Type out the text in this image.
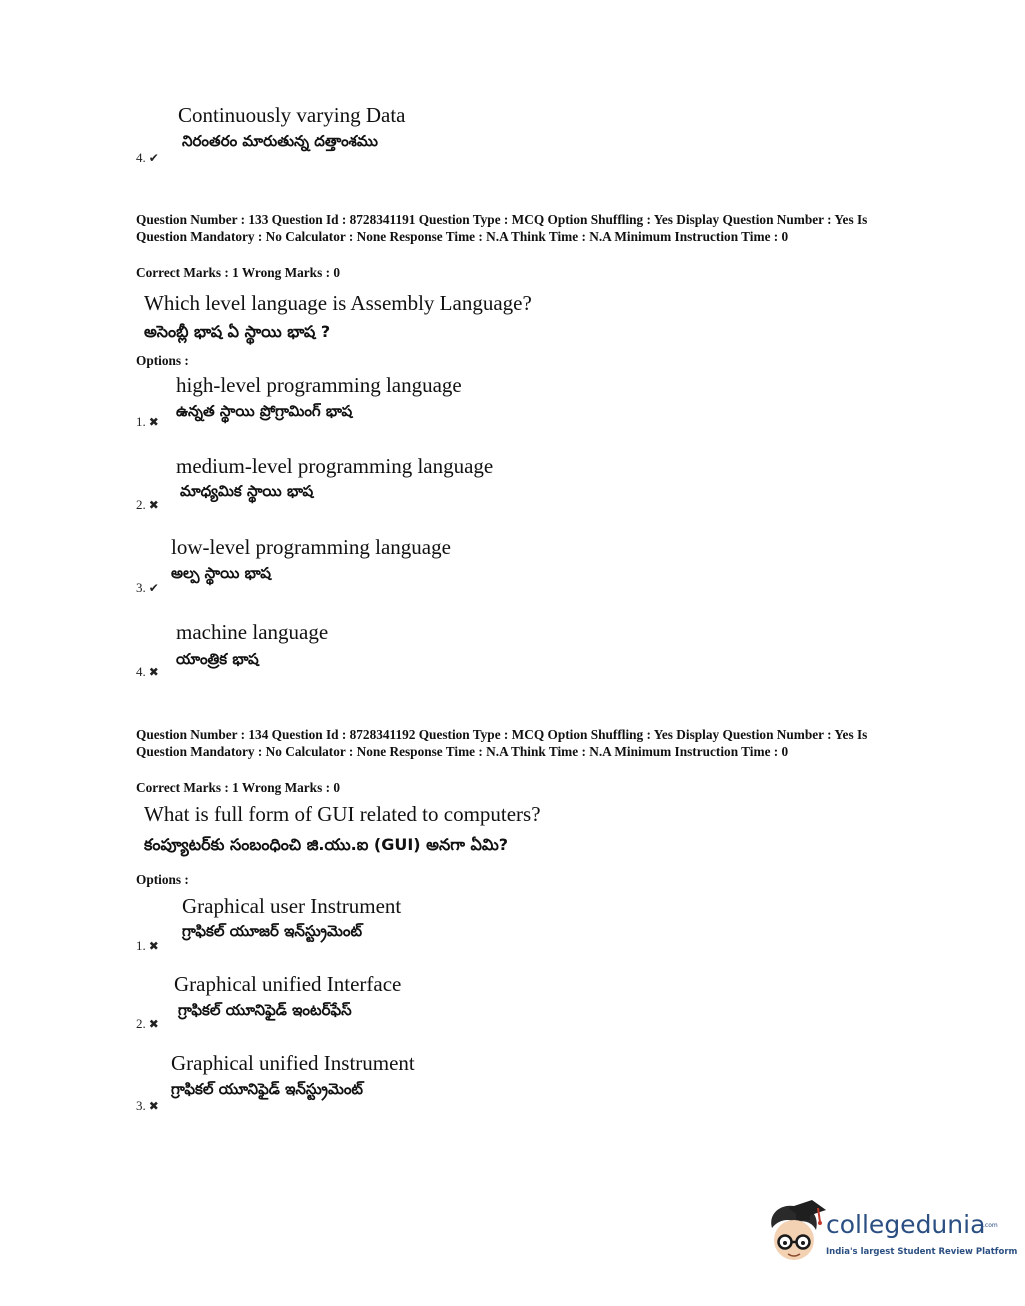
Continuously varying Data
నిరంతరం మారుతున్న దత్తాంశము
4. ✔
Question Number : 133 Question Id : 8728341191 Question Type : MCQ Option Shuffling : Yes Display Question Number : Yes Is Question Mandatory : No Calculator : None Response Time : N.A Think Time : N.A Minimum Instruction Time : 0
Correct Marks : 1 Wrong Marks : 0
Which level language is Assembly Language?
అసెంబ్లీ భాష ఏ స్థాయి భాష ?
Options :
high-level programming language
ఉన్నత స్థాయి ప్రోగ్రామింగ్ భాష
1. ✖
medium-level programming language
మాధ్యమిక స్థాయి భాష
2. ✖
low-level programming language
అల్ప స్థాయి భాష
3. ✔
machine language
యాంత్రిక భాష
4. ✖
Question Number : 134 Question Id : 8728341192 Question Type : MCQ Option Shuffling : Yes Display Question Number : Yes Is Question Mandatory : No Calculator : None Response Time : N.A Think Time : N.A Minimum Instruction Time : 0
Correct Marks : 1 Wrong Marks : 0
What is full form of GUI related to computers?
కంప్యూటర్‌కు సంబంధించి జి.యు.ఐ (GUI) అనగా ఏమి?
Options :
Graphical user Instrument
గ్రాఫికల్ యూజర్ ఇన్‌స్ట్రుమెంట్
1. ✖
Graphical unified Interface
గ్రాఫికల్ యూనిఫైడ్ ఇంటర్‌ఫేస్
2. ✖
Graphical unified Instrument
గ్రాఫికల్ యూనిఫైడ్ ఇన్‌స్ట్రుమెంట్
3. ✖
collegedunia
.com
India's largest Student Review Platform
